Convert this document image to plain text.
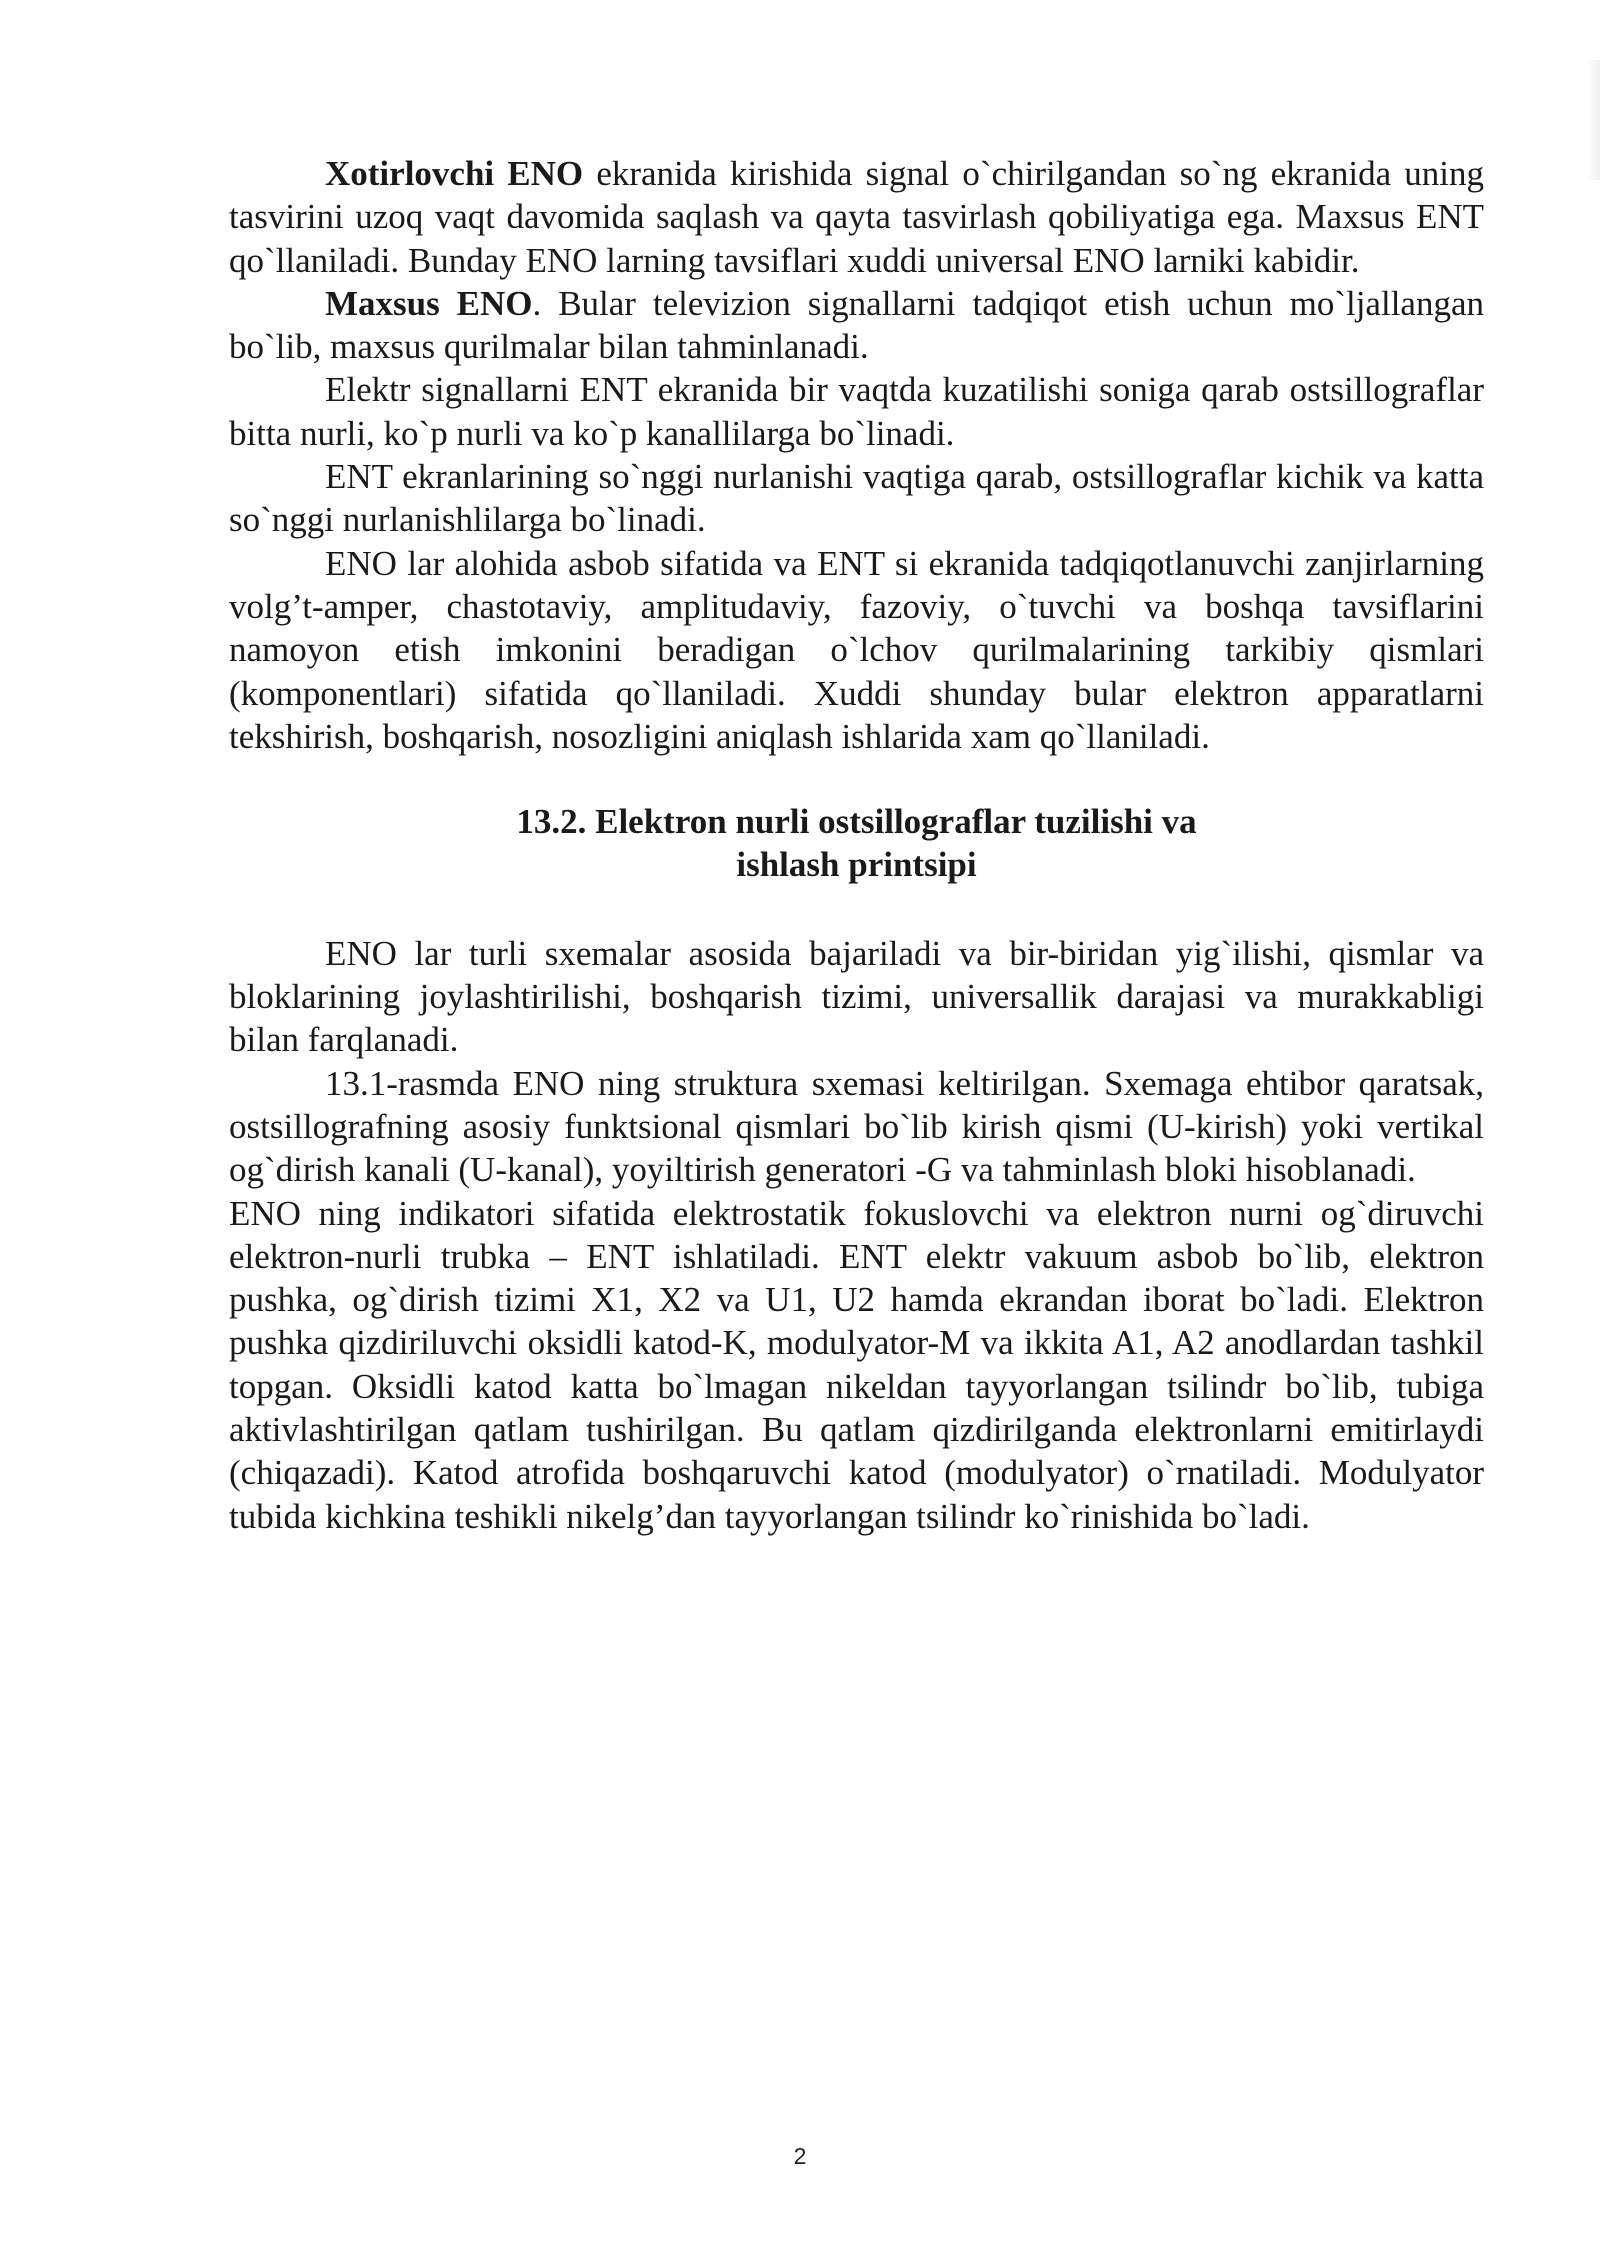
Xotirlovchi ENO ekranida kirishida signal o`chirilgandan so`ng ekranida uning tasvirini uzoq vaqt davomida saqlash va qayta tasvirlash qobiliyatiga ega. Maxsus ENT qo`llaniladi. Bunday ENO larning tavsiflari xuddi universal ENO larniki kabidir.

Maxsus ENO. Bular televizion signallarni tadqiqot etish uchun mo`ljallangan bo`lib, maxsus qurilmalar bilan tahminlanadi.

Elektr signallarni ENT ekranida bir vaqtda kuzatilishi soniga qarab ostsillograflar bitta nurli, ko`p nurli va ko`p kanallilarga bo`linadi.

ENT ekranlarining so`nggi nurlanishi vaqtiga qarab, ostsillograflar kichik va katta so`nggi nurlanishlilarga bo`linadi.

ENO lar alohida asbob sifatida va ENT si ekranida tadqiqotlanuvchi zanjirlarning volg’t-amper, chastotaviy, amplitudaviy, fazoviy, o`tuvchi va boshqa tavsiflarini namoyon etish imkonini beradigan o`lchov qurilmalarining tarkibiy qismlari (komponentlari) sifatida qo`llaniladi. Xuddi shunday bular elektron apparatlarni tekshirish, boshqarish, nosozligini aniqlash ishlarida xam qo`llaniladi.

13.2. Elektron nurli ostsillograflar tuzilishi va
ishlash printsipi

ENO lar turli sxemalar asosida bajariladi va bir-biridan yig`ilishi, qismlar va bloklarining joylashtirilishi, boshqarish tizimi, universallik darajasi va murakkabligi bilan farqlanadi.

13.1-rasmda ENO ning struktura sxemasi keltirilgan. Sxemaga ehtibor qaratsak, ostsillografning asosiy funktsional qismlari bo`lib kirish qismi (U-kirish) yoki vertikal og`dirish kanali (U-kanal), yoyiltirish generatori -G va tahminlash bloki hisoblanadi.

ENO ning indikatori sifatida elektrostatik fokuslovchi va elektron nurni og`diruvchi elektron-nurli trubka – ENT ishlatiladi. ENT elektr vakuum asbob bo`lib, elektron pushka, og`dirish tizimi X1, X2 va U1, U2 hamda ekrandan iborat bo`ladi. Elektron pushka qizdiriluvchi oksidli katod-K, modulyator-M va ikkita A1, A2 anodlardan tashkil topgan. Oksidli katod katta bo`lmagan nikeldan tayyorlangan tsilindr bo`lib, tubiga aktivlashtirilgan qatlam tushirilgan. Bu qatlam qizdirilganda elektronlarni emitirlaydi (chiqazadi). Katod atrofida boshqaruvchi katod (modulyator) o`rnatiladi. Modulyator tubida kichkina teshikli nikelg’dan tayyorlangan tsilindr ko`rinishida bo`ladi.

2
